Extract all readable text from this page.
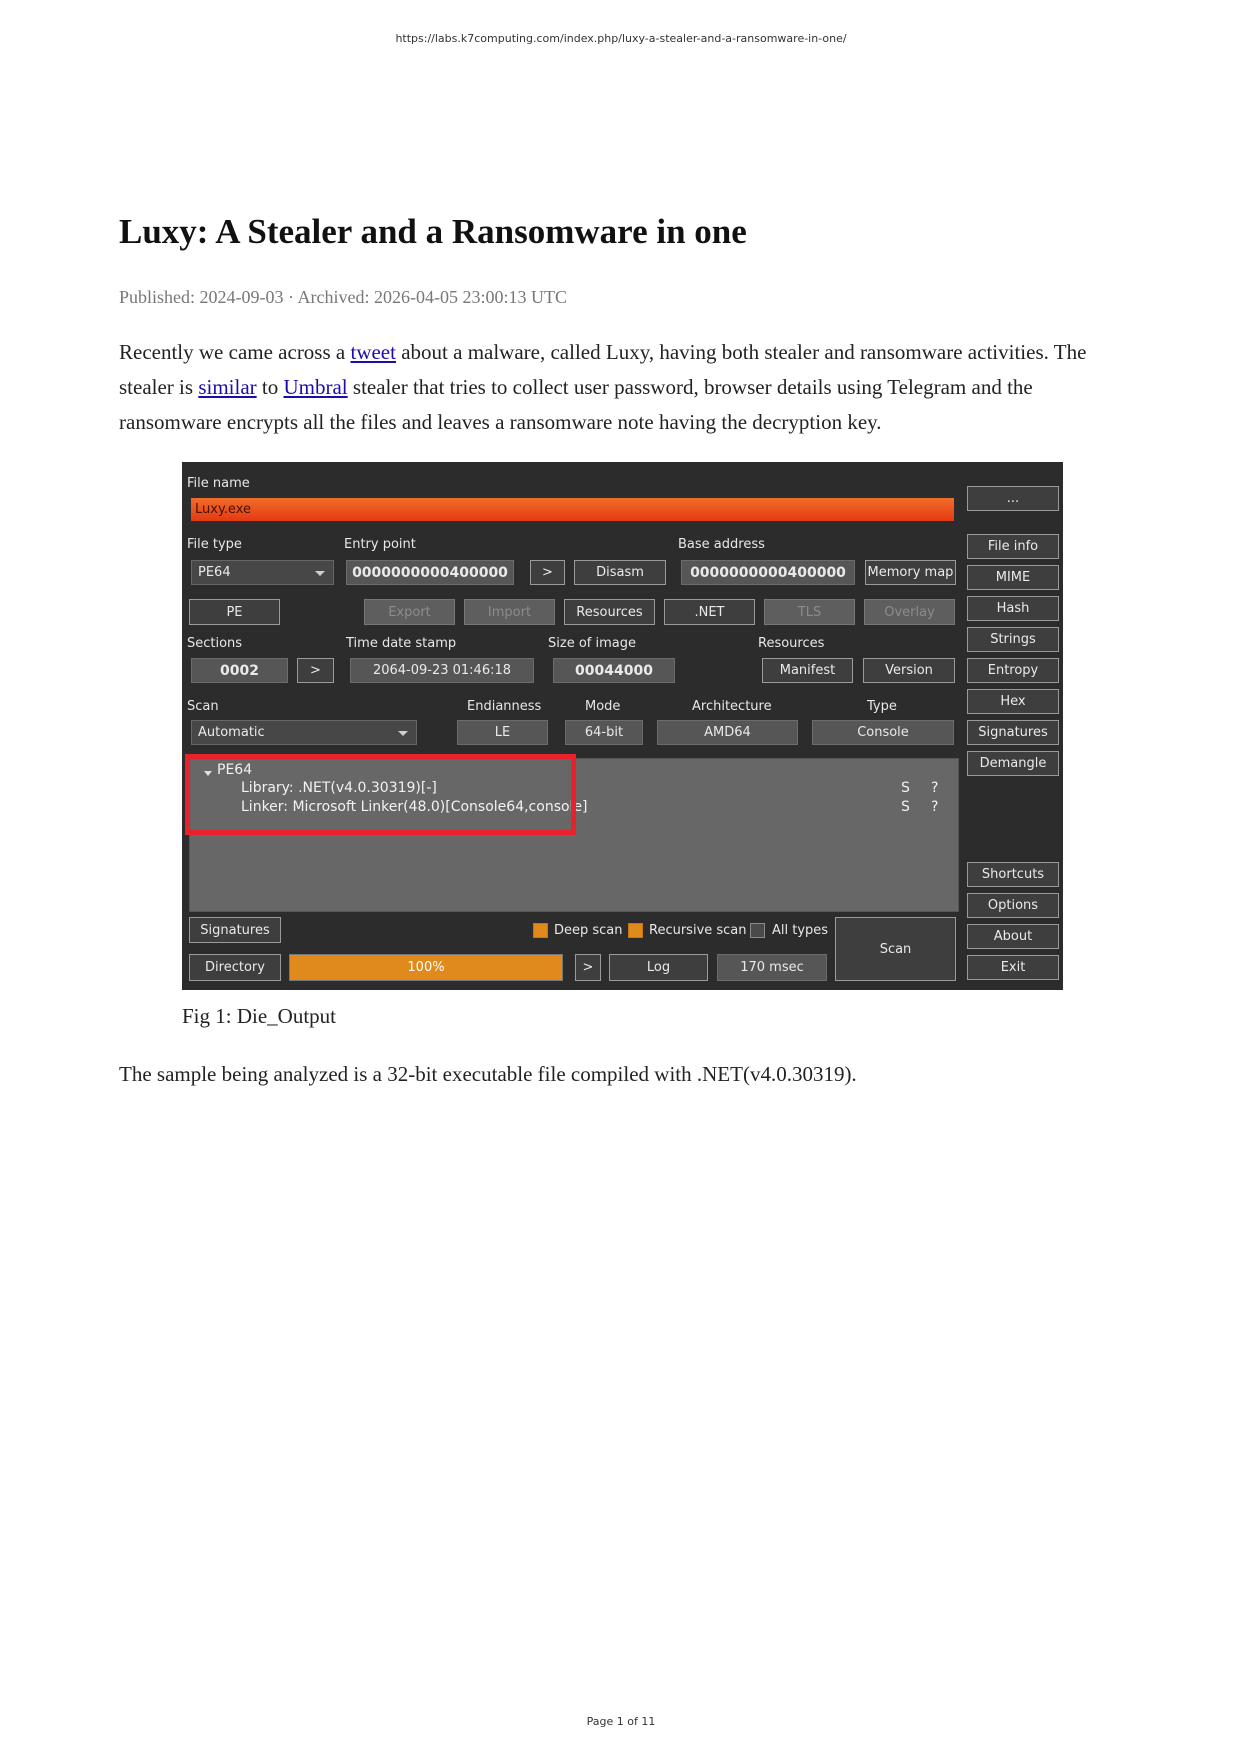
https://labs.k7computing.com/index.php/luxy-a-stealer-and-a-ransomware-in-one/
Luxy: A Stealer and a Ransomware in one
Published: 2024-09-03 · Archived: 2026-04-05 23:00:13 UTC

Recently we came across a tweet about a malware, called Luxy, having both stealer and ransomware activities. The stealer is similar to Umbral stealer that tries to collect user password, browser details using Telegram and the ransomware encrypts all the files and leaves a ransomware note having the decryption key.

File name
Luxy.exe
...
File type	Entry point	Base address
PE64	0000000000400000	>	Disasm	0000000000400000	Memory map
File info
MIME
PE	Export	Import	Resources	.NET	TLS	Overlay	Hash
Sections	Time date stamp	Size of image	Resources	Strings
0002	>	2064-09-23 01:46:18	00044000	Manifest	Version	Entropy
Scan	Endianness	Mode	Architecture	Type	Hex
Automatic	LE	64-bit	AMD64	Console	Signatures
Demangle
PE64
Library: .NET(v4.0.30319)[-]
Linker: Microsoft Linker(48.0)[Console64,console]
S ?
S ?
Shortcuts
Options
About
Exit
Signatures	Deep scan Recursive scan All types
Scan
Directory	100%	>	Log	170 msec
Fig 1: Die_Output

The sample being analyzed is a 32-bit executable file compiled with .NET(v4.0.30319).

Page 1 of 11
